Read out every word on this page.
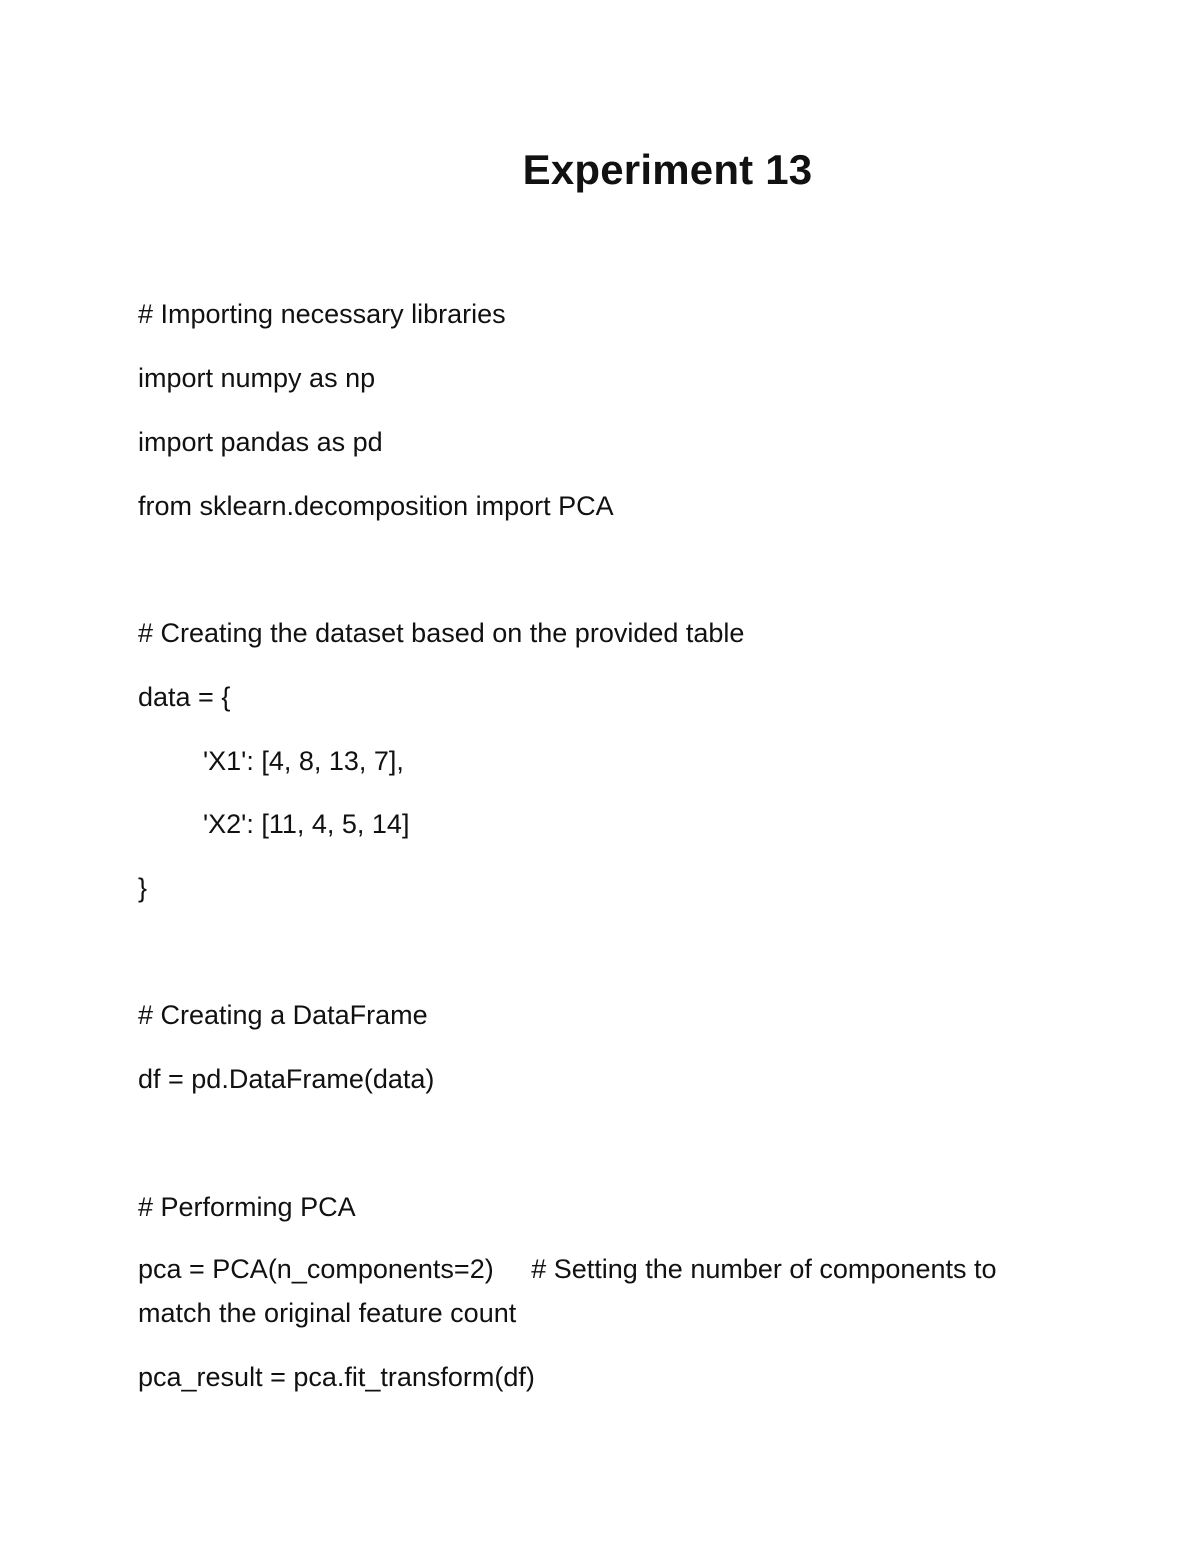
Experiment 13

# Importing necessary libraries

import numpy as np

import pandas as pd

from sklearn.decomposition import PCA

# Creating the dataset based on the provided table

data = {

'X1': [4, 8, 13, 7],

'X2': [11, 4, 5, 14]

}

# Creating a DataFrame

df = pd.DataFrame(data)

# Performing PCA

pca = PCA(n_components=2)     # Setting the number of components to match the original feature count

pca_result = pca.fit_transform(df)
